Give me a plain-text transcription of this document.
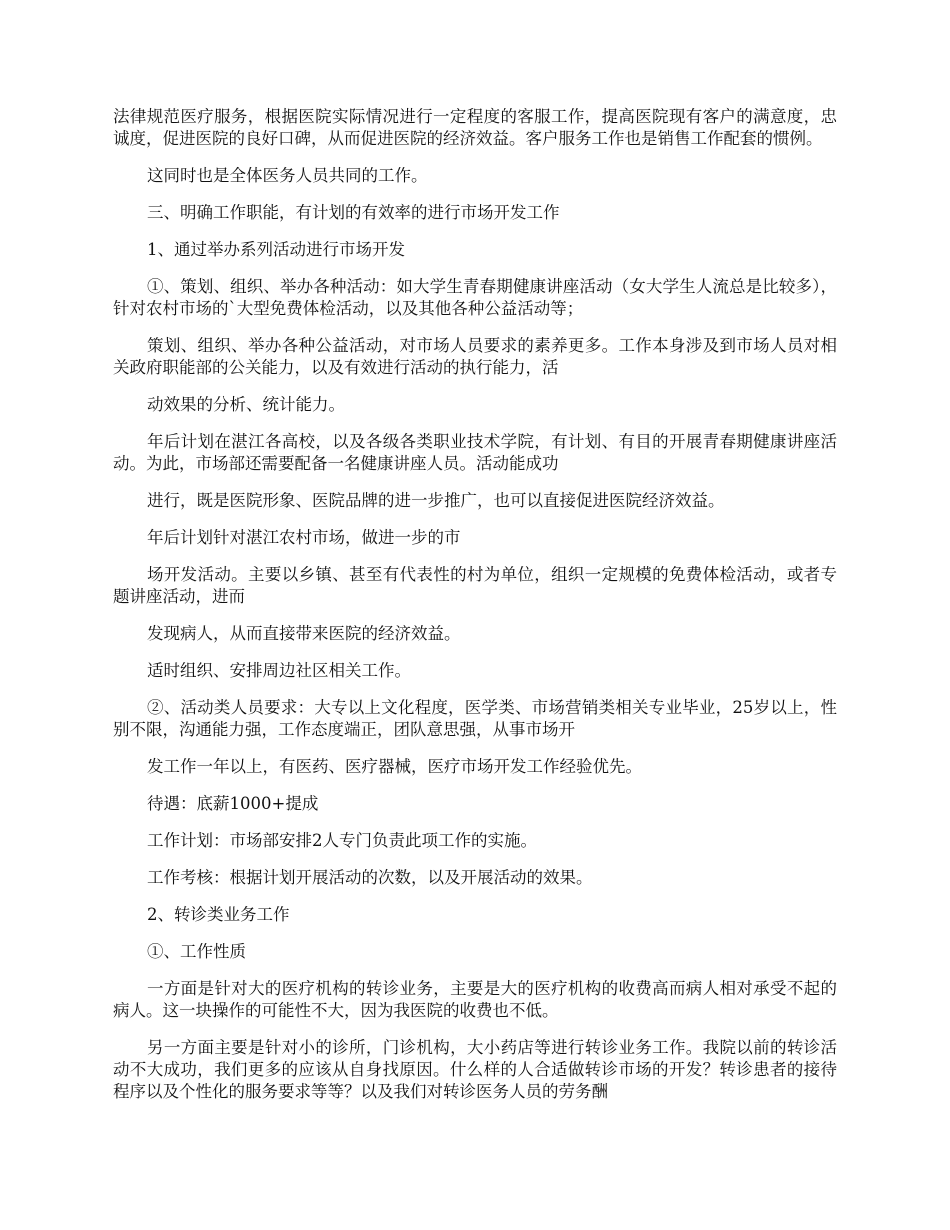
法律规范医疗服务，根据医院实际情况进行一定程度的客服工作，提高医院现有客户的满意度，忠诚度，促进医院的良好口碑，从而促进医院的经济效益。客户服务工作也是销售工作配套的惯例。

这同时也是全体医务人员共同的工作。

三、明确工作职能，有计划的有效率的进行市场开发工作

1、通过举办系列活动进行市场开发

①、策划、组织、举办各种活动：如大学生青春期健康讲座活动（女大学生人流总是比较多），针对农村市场的`大型免费体检活动，以及其他各种公益活动等；

策划、组织、举办各种公益活动，对市场人员要求的素养更多。工作本身涉及到市场人员对相关政府职能部的公关能力，以及有效进行活动的执行能力，活

动效果的分析、统计能力。

年后计划在湛江各高校，以及各级各类职业技术学院，有计划、有目的开展青春期健康讲座活动。为此，市场部还需要配备一名健康讲座人员。活动能成功

进行，既是医院形象、医院品牌的进一步推广，也可以直接促进医院经济效益。

年后计划针对湛江农村市场，做进一步的市

场开发活动。主要以乡镇、甚至有代表性的村为单位，组织一定规模的免费体检活动，或者专题讲座活动，进而

发现病人，从而直接带来医院的经济效益。

适时组织、安排周边社区相关工作。

②、活动类人员要求：大专以上文化程度，医学类、市场营销类相关专业毕业，25岁以上，性别不限，沟通能力强，工作态度端正，团队意思强，从事市场开

发工作一年以上，有医药、医疗器械，医疗市场开发工作经验优先。

待遇：底薪1000+提成

工作计划：市场部安排2人专门负责此项工作的实施。

工作考核：根据计划开展活动的次数，以及开展活动的效果。

2、转诊类业务工作

①、工作性质

一方面是针对大的医疗机构的转诊业务，主要是大的医疗机构的收费高而病人相对承受不起的病人。这一块操作的可能性不大，因为我医院的收费也不低。

另一方面主要是针对小的诊所，门诊机构，大小药店等进行转诊业务工作。我院以前的转诊活动不大成功，我们更多的应该从自身找原因。什么样的人合适做转诊市场的开发？转诊患者的接待程序以及个性化的服务要求等等？以及我们对转诊医务人员的劳务酬
